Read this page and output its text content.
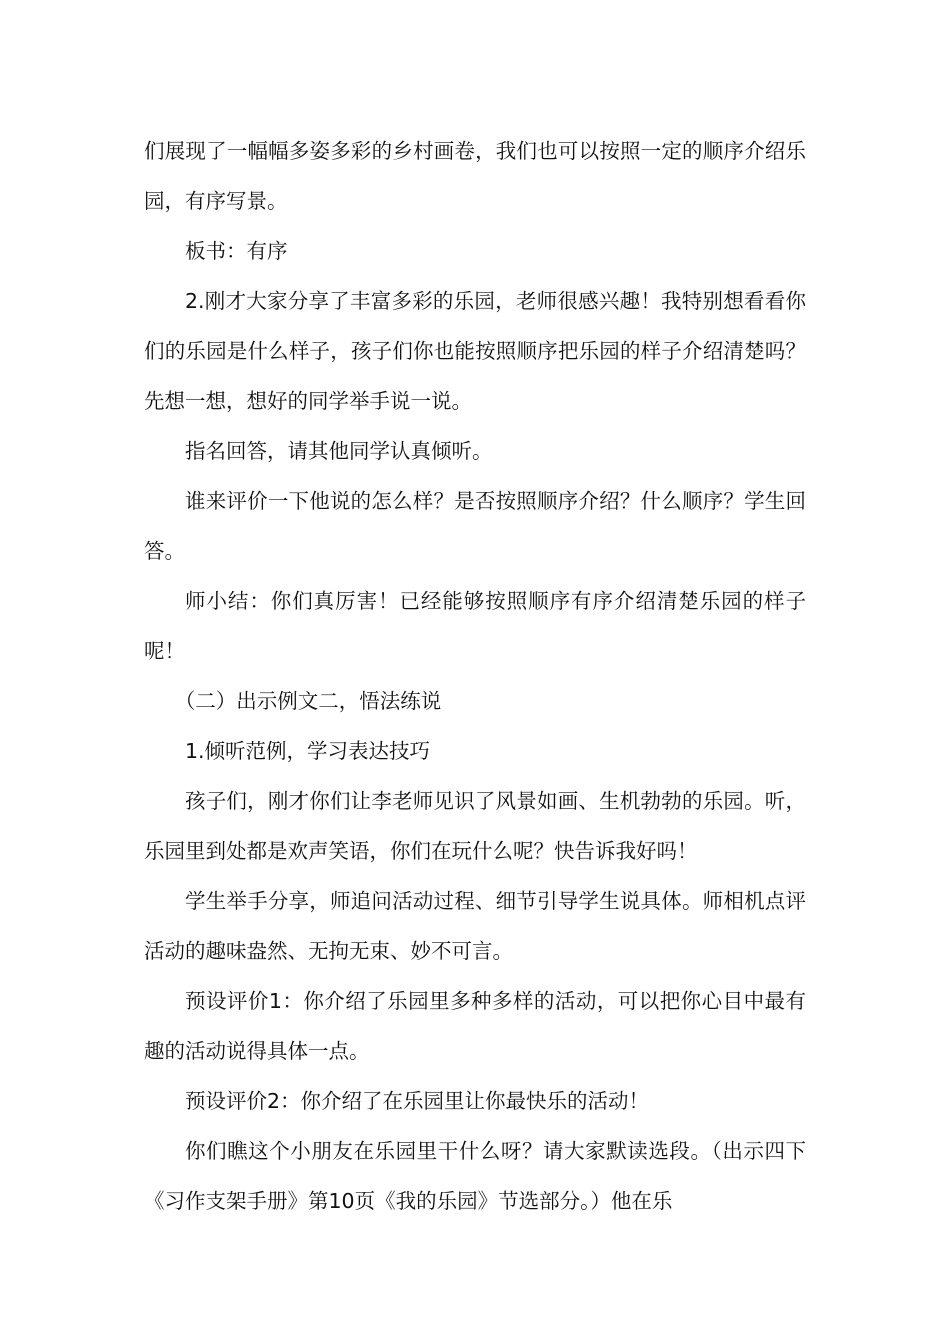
们展现了一幅幅多姿多彩的乡村画卷，我们也可以按照一定的顺序介绍乐园，有序写景。

板书：有序

2.刚才大家分享了丰富多彩的乐园，老师很感兴趣！我特别想看看你们的乐园是什么样子，孩子们你也能按照顺序把乐园的样子介绍清楚吗？先想一想，想好的同学举手说一说。

指名回答，请其他同学认真倾听。

谁来评价一下他说的怎么样？是否按照顺序介绍？什么顺序？学生回答。

师小结：你们真厉害！已经能够按照顺序有序介绍清楚乐园的样子呢！

（二）出示例文二，悟法练说

1.倾听范例，学习表达技巧

孩子们，刚才你们让李老师见识了风景如画、生机勃勃的乐园。听，乐园里到处都是欢声笑语，你们在玩什么呢？快告诉我好吗！

学生举手分享，师追问活动过程、细节引导学生说具体。师相机点评活动的趣味盎然、无拘无束、妙不可言。

预设评价1：你介绍了乐园里多种多样的活动，可以把你心目中最有趣的活动说得具体一点。

预设评价2：你介绍了在乐园里让你最快乐的活动！

你们瞧这个小朋友在乐园里干什么呀？请大家默读选段。（出示四下《习作支架手册》第10页《我的乐园》节选部分。）他在乐
